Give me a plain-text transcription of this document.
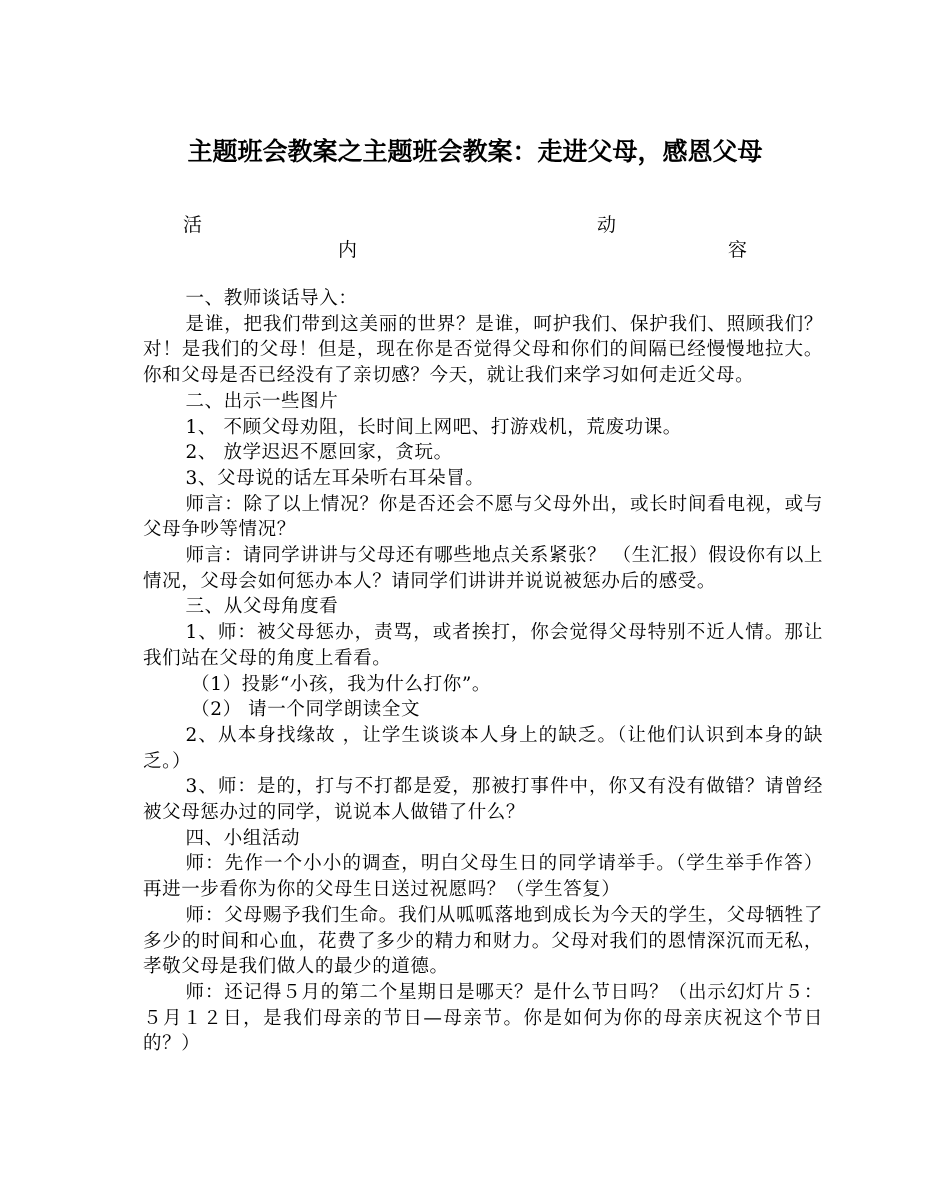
主题班会教案之主题班会教案：走进父母，感恩父母
活	动
内	容

一、教师谈话导入：

是谁，把我们带到这美丽的世界？是谁，呵护我们、保护我们、照顾我们？对！是我们的父母！但是，现在你是否觉得父母和你们的间隔已经慢慢地拉大。你和父母是否已经没有了亲切感？今天，就让我们来学习如何走近父母。

二、出示一些图片

1、 不顾父母劝阻，长时间上网吧、打游戏机，荒废功课。

2、 放学迟迟不愿回家，贪玩。

3、父母说的话左耳朵听右耳朵冒。

师言：除了以上情况？你是否还会不愿与父母外出，或长时间看电视，或与父母争吵等情况？

师言：请同学讲讲与父母还有哪些地点关系紧张？ （生汇报）假设你有以上情况，父母会如何惩办本人？请同学们讲讲并说说被惩办后的感受。

三、从父母角度看

1、师：被父母惩办，责骂，或者挨打，你会觉得父母特别不近人情。那让我们站在父母的角度上看看。

（1）投影“小孩，我为什么打你”。

（2） 请一个同学朗读全文

2、从本身找缘故 ，让学生谈谈本人身上的缺乏。（让他们认识到本身的缺乏。）

3、师：是的，打与不打都是爱，那被打事件中，你又有没有做错？请曾经被父母惩办过的同学，说说本人做错了什么？

四、小组活动

师：先作一个小小的调查，明白父母生日的同学请举手。（学生举手作答）再进一步看你为你的父母生日送过祝愿吗？（学生答复）

师：父母赐予我们生命。我们从呱呱落地到成长为今天的学生，父母牺牲了多少的时间和心血，花费了多少的精力和财力。父母对我们的恩情深沉而无私，孝敬父母是我们做人的最少的道德。

师：还记得５月的第二个星期日是哪天？是什么节日吗？（出示幻灯片５：５月１２日，是我们母亲的节日—母亲节。你是如何为你的母亲庆祝这个节日的？）
